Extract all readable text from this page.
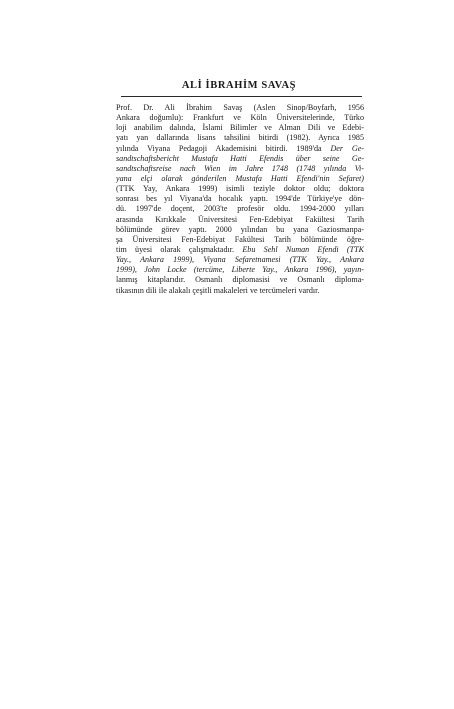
ALİ İBRAHİM SAVAŞ
Prof. Dr. Ali İbrahim Savaş (Aslen Sinop/Boyfarh, 1956
Ankara doğumlu): Frankfurt ve Köln Üniversitelerinde, Türko
loji anabilim dalında, İslami Bilimler ve Alman Dili ve Edebi-
yatı yan dallarında lisans tahsilini bitirdi (1982). Ayrıca 1985
yılında Viyana Pedagoji Akademisini bitirdi. 1989'da Der Ge-
sandtschaftsbericht Mustafa Hatti Efendis über seine Ge-
sandtschaftsreise nach Wien im Jahre 1748 (1748 yılında Vi-
yana elçi olarak gönderilen Mustafa Hatti Efendi'nin Sefaret)
(TTK Yay, Ankara 1999) isimli teziyle doktor oldu; doktora
sonrası bes yıl Viyana'da hocalık yaptı. 1994'de Türkiye'ye dön-
dü. 1997'de doçent, 2003'te profesör oldu. 1994-2000 yılları
arasında Kırıkkale Üniversitesi Fen-Edebiyat Fakültesi Tarih
bölümünde görev yaptı. 2000 yılından bu yana Gaziosmanpa-
şa Üniversitesi Fen-Edebiyat Fakültesi Tarih bölümünde öğre-
tim üyesi olarak çalışmaktadır. Ebu Sehl Numan Efendi (TTK
Yay., Ankara 1999), Viyana Sefaretnamesi (TTK Yay., Ankara
1999), John Locke (tercüme, Liberte Yay., Ankara 1996), yayın-
lanmış kitaplarıdır. Osmanlı diplomasisi ve Osmanlı diploma-
tikasının dili ile alakalı çeşitli makaleleri ve tercümeleri vardır.
